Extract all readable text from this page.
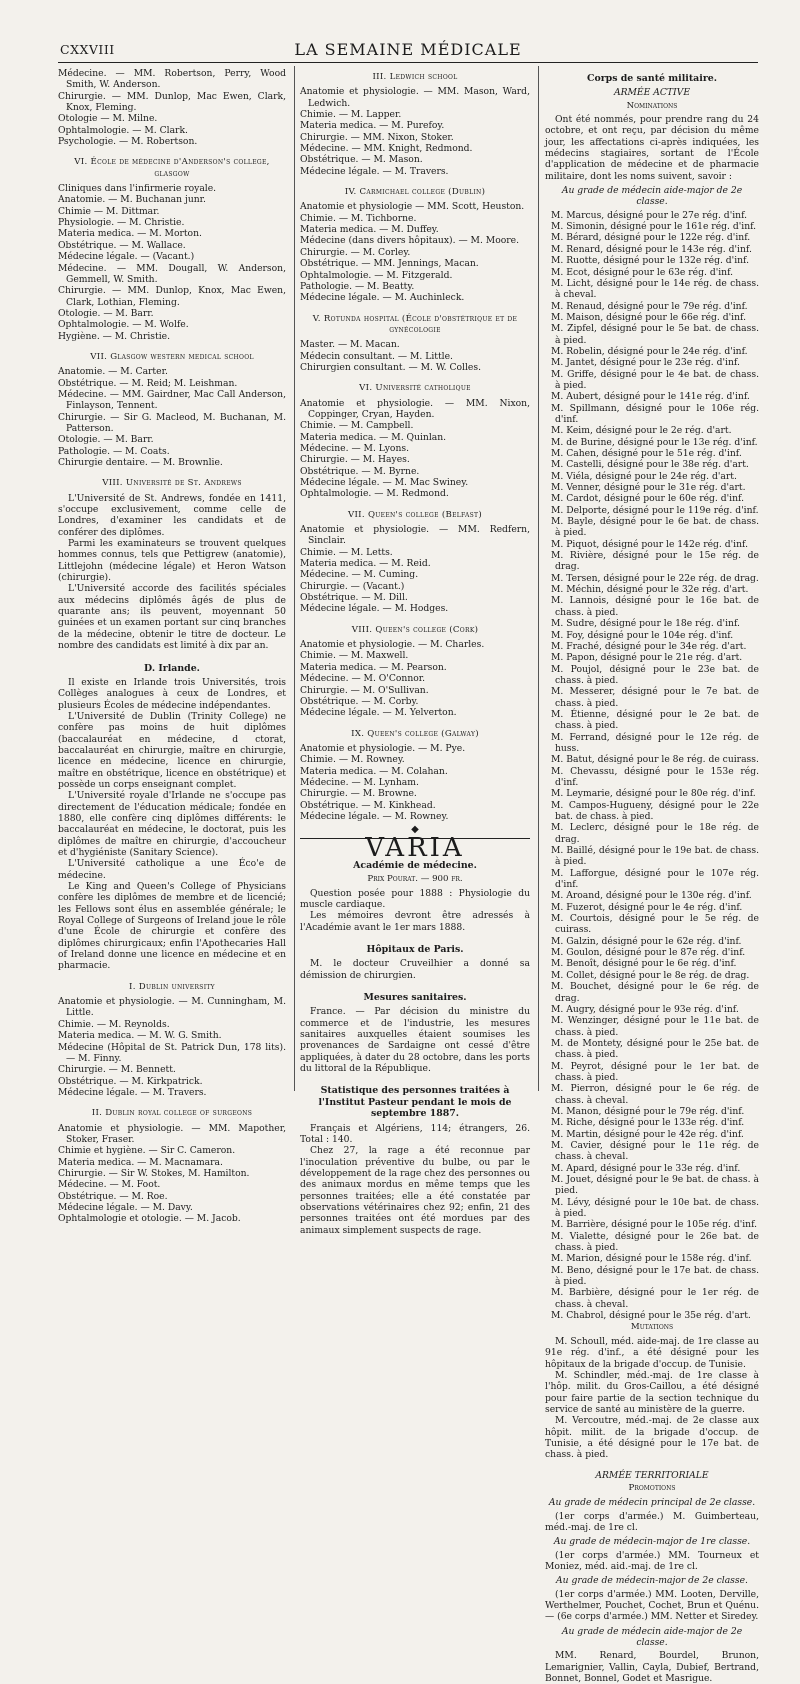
CXXVIII	LA SEMAINE MÉDICALE

Médecine. — MM. Robertson, Perry, Wood Smith, W. Anderson.

Chirurgie. — MM. Dunlop, Mac Ewen, Clark, Knox, Fleming.

Otologie — M. Milne.

Ophtalmologie. — M. Clark.

Psychologie. — M. Robertson.

VI. École de médecine d'Anderson's college, glasgow

Cliniques dans l'infirmerie royale.

Anatomie. — M. Buchanan junr.

Chimie — M. Dittmar.

Physiologie. — M. Christie.

Materia medica. — M. Morton.

Obstétrique. — M. Wallace.

Médecine légale. — (Vacant.)

Médecine. — MM. Dougall, W. Anderson, Gemmell, W. Smith.

Chirurgie. — MM. Dunlop, Knox, Mac Ewen, Clark, Lothian, Fleming.

Otologie. — M. Barr.

Ophtalmologie. — M. Wolfe.

Hygiène. — M. Christie.

VII. Glasgow western medical school

Anatomie. — M. Carter.

Obstétrique. — M. Reid; M. Leishman.

Médecine. — MM. Gairdner, Mac Call Anderson, Finlayson, Tennent.

Chirurgie. — Sir G. Macleod, M. Buchanan, M. Patterson.

Otologie. — M. Barr.

Pathologie. — M. Coats.

Chirurgie dentaire. — M. Brownlie.

VIII. Université de St. Andrews

L'Université de St. Andrews, fondée en 1411, s'occupe exclusivement, comme celle de Londres, d'examiner les candidats et de conférer des diplômes.

Parmi les examinateurs se trouvent quelques hommes connus, tels que Pettigrew (anatomie), Littlejohn (médecine légale) et Heron Watson (chirurgie).

L'Université accorde des facilités spéciales aux médecins diplômés âgés de plus de quarante ans; ils peuvent, moyennant 50 guinées et un examen portant sur cinq branches de la médecine, obtenir le titre de docteur. Le nombre des candidats est limité à dix par an.

D. Irlande.

Il existe en Irlande trois Universités, trois Collèges analogues à ceux de Londres, et plusieurs Écoles de médecine indépendantes.

L'Université de Dublin (Trinity College) ne confère pas moins de huit diplômes (baccalauréat en médecine, d ctorat, baccalauréat en chirurgie, maître en chirurgie, licence en médecine, licence en chirurgie, maître en obstétrique, licence en obstétrique) et possède un corps enseignant complet.

L'Université royale d'Irlande ne s'occupe pas directement de l'éducation médicale; fondée en 1880, elle confère cinq diplômes différents: le baccalauréat en médecine, le doctorat, puis les diplômes de maître en chirurgie, d'accoucheur et d'hygiéniste (Sanitary Science).

L'Université catholique a une Éco'e de médecine.

Le King and Queen's College of Physicians confère les diplômes de membre et de licencié; les Fellows sont élus en assemblée générale; le Royal College of Surgeons of Ireland joue le rôle d'une École de chirurgie et confère des diplômes chirurgicaux; enfin l'Apothecaries Hall of Ireland donne une licence en médecine et en pharmacie.

I. Dublin university

Anatomie et physiologie. — M. Cunningham, M. Little.

Chimie. — M. Reynolds.

Materia medica. — M. W. G. Smith.

Médecine (Hôpital de St. Patrick Dun, 178 lits). — M. Finny.

Chirurgie. — M. Bennett.

Obstétrique. — M. Kirkpatrick.

Médecine légale. — M. Travers.

II. Dublin royal college of surgeons

Anatomie et physiologie. — MM. Mapother, Stoker, Fraser.

Chimie et hygiène. — Sir C. Cameron.

Materia medica. — M. Macnamara.

Chirurgie. — Sir W. Stokes, M. Hamilton.

Médecine. — M. Foot.

Obstétrique. — M. Roe.

Médecine légale. — M. Davy.

Ophtalmologie et otologie. — M. Jacob.

III. Ledwich school

Anatomie et physiologie. — MM. Mason, Ward, Ledwich.

Chimie. — M. Lapper.

Materia medica. — M. Purefoy.

Chirurgie. — MM. Nixon, Stoker.

Médecine. — MM. Knight, Redmond.

Obstétrique. — M. Mason.

Médecine légale. — M. Travers.

IV. Carmichael college (Dublin)

Anatomie et physiologie — MM. Scott, Heuston.

Chimie. — M. Tichborne.

Materia medica. — M. Duffey.

Médecine (dans divers hôpitaux). — M. Moore.

Chirurgie. — M. Corley.

Obstétrique. — MM. Jennings, Macan.

Ophtalmologie. — M. Fitzgerald.

Pathologie. — M. Beatty.

Médecine légale. — M. Auchinleck.

V. Rotunda hospital (École d'obstétrique et de gynécologie

Master. — M. Macan.

Médecin consultant. — M. Little.

Chirurgien consultant. — M. W. Colles.

VI. Université catholique

Anatomie et physiologie. — MM. Nixon, Coppinger, Cryan, Hayden.

Chimie. — M. Campbell.

Materia medica. — M. Quinlan.

Médecine. — M. Lyons.

Chirurgie. — M. Hayes.

Obstétrique. — M. Byrne.

Médecine légale. — M. Mac Swiney.

Ophtalmologie. — M. Redmond.

VII. Queen's college (Belfast)

Anatomie et physiologie. — MM. Redfern, Sinclair.

Chimie. — M. Letts.

Materia medica. — M. Reid.

Médecine. — M. Cuming.

Chirurgie. — (Vacant.)

Obstétrique. — M. Dill.

Médecine légale. — M. Hodges.

VIII. Queen's college (Cork)

Anatomie et physiologie. — M. Charles.

Chimie. — M. Maxwell.

Materia medica. — M. Pearson.

Médecine. — M. O'Connor.

Chirurgie. — M. O'Sullivan.

Obstétrique. — M. Corby.

Médecine légale. — M. Yelverton.

IX. Queen's college (Galway)

Anatomie et physiologie. — M. Pye.

Chimie. — M. Rowney.

Materia medica. — M. Colahan.

Médecine. — M. Lynham.

Chirurgie. — M. Browne.

Obstétrique. — M. Kinkhead.

Médecine légale. — M. Rowney.

◆

VARIA

Académie de médecine.

Prix Pourat. — 900 fr.

Question posée pour 1888 : Physiologie du muscle cardiaque.

Les mémoires devront être adressés à l'Académie avant le 1er mars 1888.

Hôpitaux de Paris.

M. le docteur Cruveilhier a donné sa démission de chirurgien.

Mesures sanitaires.

France. — Par décision du ministre du commerce et de l'industrie, les mesures sanitaires auxquelles étaient soumises les provenances de Sardaigne ont cessé d'être appliquées, à dater du 28 octobre, dans les ports du littoral de la République.

Statistique des personnes traitées à l'Institut Pasteur pendant le mois de septembre 1887.

Français et Algériens, 114; étrangers, 26. Total : 140.

Chez 27, la rage a été reconnue par l'inoculation préventive du bulbe, ou par le développement de la rage chez des personnes ou des animaux mordus en même temps que les personnes traitées; elle a été constatée par observations vétérinaires chez 92; enfin, 21 des personnes traitées ont été mordues par des animaux simplement suspects de rage.

Corps de santé militaire.

ARMÉE ACTIVE

Nominations

Ont été nommés, pour prendre rang du 24 octobre, et ont reçu, par décision du même jour, les affectations ci-après indiquées, les médecins stagiaires, sortant de l'École d'application de médecine et de pharmacie militaire, dont les noms suivent, savoir :

Au grade de médecin aide-major de 2e classe.

M. Marcus, désigné pour le 27e rég. d'inf.

M. Simonin, désigné pour le 161e rég. d'inf.

M. Bérard, désigné pour le 122e rég. d'inf.

M. Renard, désigné pour le 143e rég. d'inf.

M. Ruotte, désigné pour le 132e rég. d'inf.

M. Ecot, désigné pour le 63e rég. d'inf.

M. Licht, désigné pour le 14e rég. de chass. à cheval.

M. Renaud, désigné pour le 79e rég. d'inf.

M. Maison, désigné pour le 66e rég. d'inf.

M. Zipfel, désigné pour le 5e bat. de chass. à pied.

M. Robelin, désigné pour le 24e rég. d'inf.

M. Jantet, désigné pour le 23e rég. d'inf.

M. Griffe, désigné pour le 4e bat. de chass. à pied.

M. Aubert, désigné pour le 141e rég. d'inf.

M. Spillmann, désigné pour le 106e rég. d'inf.

M. Keim, désigné pour le 2e rég. d'art.

M. de Burine, désigné pour le 13e rég. d'inf.

M. Cahen, désigné pour le 51e rég. d'inf.

M. Castelli, désigné pour le 38e rég. d'art.

M. Viéla, désigné pour le 24e rég. d'art.

M. Venner, désigné pour le 31e rég. d'art.

M. Cardot, désigné pour le 60e rég. d'inf.

M. Delporte, désigné pour le 119e rég. d'inf.

M. Bayle, désigné pour le 6e bat. de chass. à pied.

M. Piquot, désigné pour le 142e rég. d'inf.

M. Rivière, désigné pour le 15e rég. de drag.

M. Tersen, désigné pour le 22e rég. de drag.

M. Méchin, désigné pour le 32e rég. d'art.

M. Lannois, désigné pour le 16e bat. de chass. à pied.

M. Sudre, désigné pour le 18e rég. d'inf.

M. Foy, désigné pour le 104e rég. d'inf.

M. Fraché, désigné pour le 34e rég. d'art.

M. Papon, désigné pour le 21e rég. d'art.

M. Poujol, désigné pour le 23e bat. de chass. à pied.

M. Messerer, désigné pour le 7e bat. de chass. à pied.

M. Étienne, désigné pour le 2e bat. de chass. à pied.

M. Ferrand, désigné pour le 12e rég. de huss.

M. Batut, désigné pour le 8e rég. de cuirass.

M. Chevassu, désigné pour le 153e rég. d'inf.

M. Leymarie, désigné pour le 80e rég. d'inf.

M. Campos-Hugueny, désigné pour le 22e bat. de chass. à pied.

M. Leclerc, désigné pour le 18e rég. de drag.

M. Baillé, désigné pour le 19e bat. de chass. à pied.

M. Lafforgue, désigné pour le 107e rég. d'inf.

M. Aroand, désigné pour le 130e rég. d'inf.

M. Fuzerot, désigné pour le 4e rég. d'inf.

M. Courtois, désigné pour le 5e rég. de cuirass.

M. Galzin, désigné pour le 62e rég. d'inf.

M. Goulon, désigné pour le 87e rég. d'inf.

M. Benoît, désigné pour le 6e rég. d'inf.

M. Collet, désigné pour le 8e rég. de drag.

M. Bouchet, désigné pour le 6e rég. de drag.

M. Augry, désigné pour le 93e rég. d'inf.

M. Wenzinger, désigné pour le 11e bat. de chass. à pied.

M. de Montety, désigné pour le 25e bat. de chass. à pied.

M. Peyrot, désigné pour le 1er bat. de chass. à pied.

M. Pierron, désigné pour le 6e rég. de chass. à cheval.

M. Manon, désigné pour le 79e rég. d'inf.

M. Riche, désigné pour le 133e rég. d'inf.

M. Martin, désigné pour le 42e rég. d'inf.

M. Cavier, désigné pour le 11e rég. de chass. à cheval.

M. Apard, désigné pour le 33e rég. d'inf.

M. Jouet, désigné pour le 9e bat. de chass. à pied.

M. Lévy, désigné pour le 10e bat. de chass. à pied.

M. Barrière, désigné pour le 105e rég. d'inf.

M. Vialette, désigné pour le 26e bat. de chass. à pied.

M. Marion, désigné pour le 158e rég. d'inf.

M. Beno, désigné pour le 17e bat. de chass. à pied.

M. Barbière, désigné pour le 1er rég. de chass. à cheval.

M. Chabrol, désigné pour le 35e rég. d'art.

Mutations

M. Schoull, méd. aide-maj. de 1re classe au 91e rég. d'inf., a été désigné pour les hôpitaux de la brigade d'occup. de Tunisie.

M. Schindler, méd.-maj. de 1re classe à l'hôp. milit. du Gros-Caillou, a été désigné pour faire partie de la section technique du service de santé au ministère de la guerre.

M. Vercoutre, méd.-maj. de 2e classe aux hôpit. milit. de la brigade d'occup. de Tunisie, a été désigné pour le 17e bat. de chass. à pied.

ARMÉE TERRITORIALE

Promotions

Au grade de médecin principal de 2e classe.

(1er corps d'armée.) M. Guimberteau, méd.-maj. de 1re cl.

Au grade de médecin-major de 1re classe.

(1er corps d'armée.) MM. Tourneux et Moniez, méd. aid.-maj. de 1re cl.

Au grade de médecin-major de 2e classe.

(1er corps d'armée.) MM. Looten, Derville, Werthelmer, Pouchet, Cochet, Brun et Quénu. — (6e corps d'armée.) MM. Netter et Siredey.

Au grade de médecin aide-major de 2e classe.

MM. Renard, Bourdel, Brunon, Lemarignier, Vallin, Cayla, Dubief, Bertrand, Bonnet, Bonnel, Godet et Masrigue.
